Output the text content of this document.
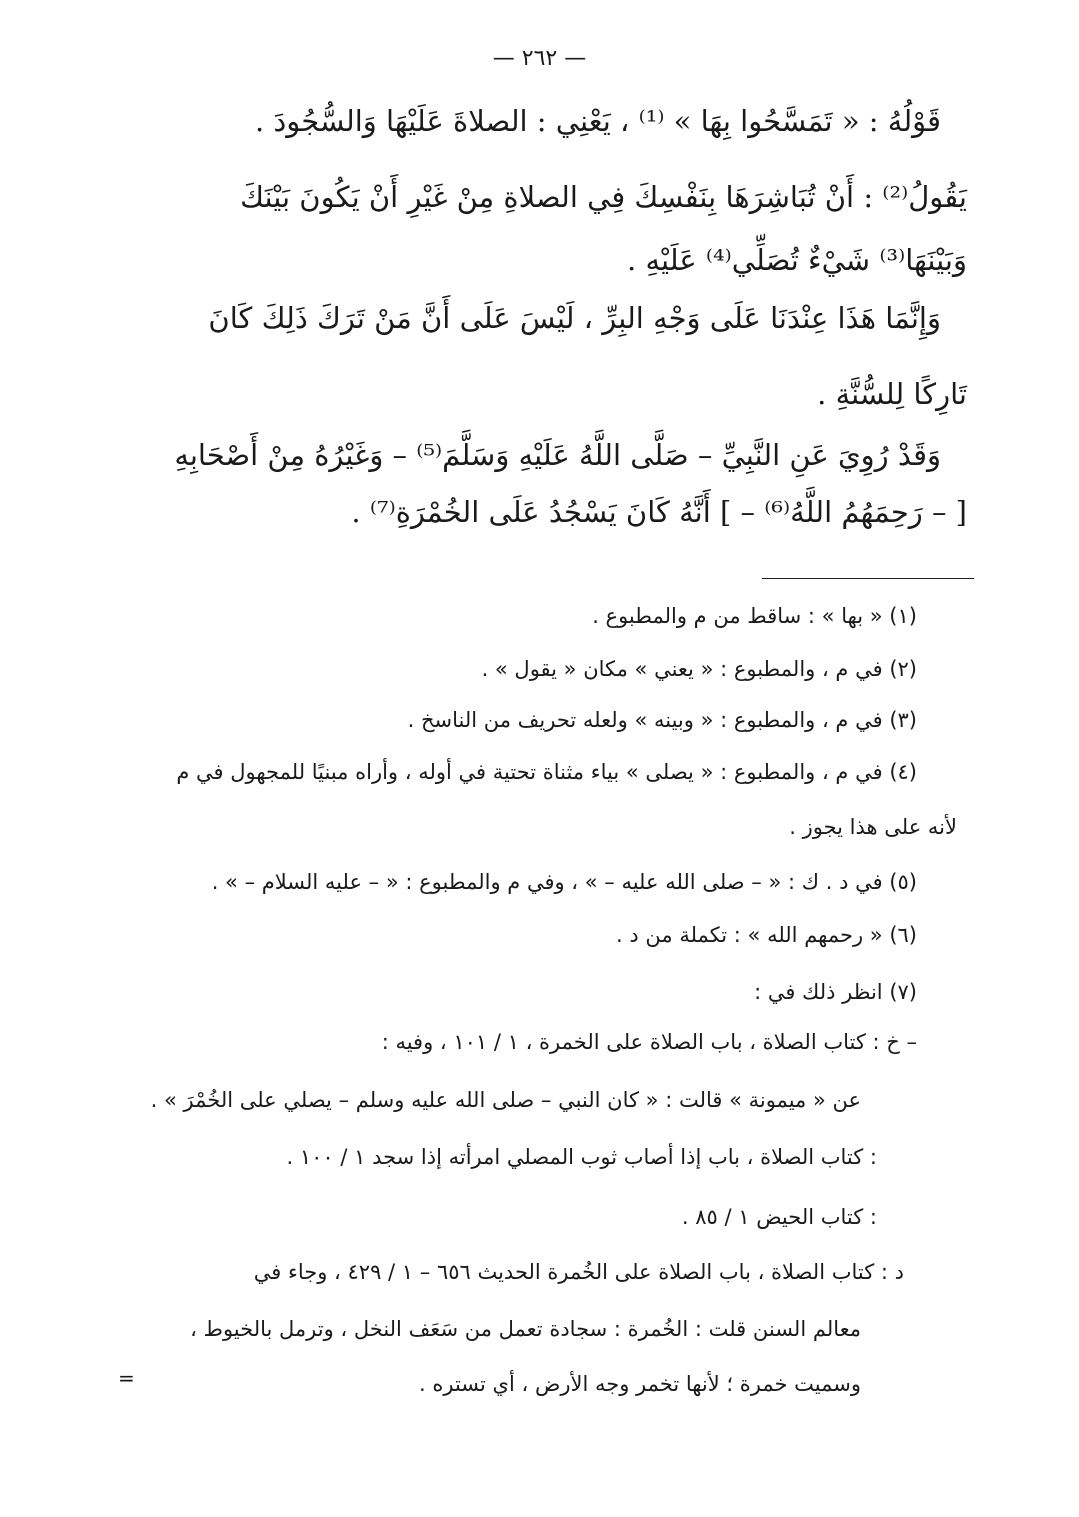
— ٢٦٢ —
قَوْلُهُ : « تَمَسَّحُوا بِهَا » ⁽¹⁾ ، يَعْنِي : الصلاةَ عَلَيْهَا وَالسُّجُودَ .
يَقُولُ⁽²⁾ : أَنْ تُبَاشِرَهَا بِنَفْسِكَ فِي الصلاةِ مِنْ غَيْرِ أَنْ يَكُونَ بَيْنَكَ
وَبَيْنَهَا⁽³⁾ شَيْءٌ تُصَلِّي⁽⁴⁾ عَلَيْهِ .
وَإِنَّمَا هَذَا عِنْدَنَا عَلَى وَجْهِ البِرِّ ، لَيْسَ عَلَى أَنَّ مَنْ تَرَكَ ذَلِكَ كَانَ
تَارِكًا لِلسُّنَّةِ .
وَقَدْ رُوِيَ عَنِ النَّبِيِّ – صَلَّى اللَّهُ عَلَيْهِ وَسَلَّمَ⁽⁵⁾ – وَغَيْرُهُ مِنْ أَصْحَابِهِ
[ – رَحِمَهُمُ اللَّهُ⁽⁶⁾ – ] أَنَّهُ كَانَ يَسْجُدُ عَلَى الخُمْرَةِ⁽⁷⁾ .
(١) « بها » : ساقط من م والمطبوع .
(٢) في م ، والمطبوع : « يعني » مكان « يقول » .
(٣) في م ، والمطبوع : « وبينه » ولعله تحريف من الناسخ .
(٤) في م ، والمطبوع : « يصلى » بياء مثناة تحتية في أوله ، وأراه مبنيًا للمجهول في م
لأنه على هذا يجوز .
(٥) في د . ك : « – صلى الله عليه – » ، وفي م والمطبوع : « – عليه السلام – » .
(٦) « رحمهم الله » : تكملة من د .
(٧) انظر ذلك في :
– خ : كتاب الصلاة ، باب الصلاة على الخمرة ، ١ / ١٠١ ، وفيه :
عن « ميمونة » قالت : « كان النبي – صلى الله عليه وسلم – يصلي على الخُمْرَ » .
: كتاب الصلاة ، باب إذا أصاب ثوب المصلي امرأته إذا سجد ١ / ١٠٠ .
: كتاب الحيض ١ / ٨٥ .
د : كتاب الصلاة ، باب الصلاة على الخُمرة الحديث ٦٥٦ – ١ / ٤٢٩ ، وجاء في
معالم السنن قلت : الخُمرة : سجادة تعمل من سَعَف النخل ، وترمل بالخيوط ،
وسميت خمرة ؛ لأنها تخمر وجه الأرض ، أي تستره .
=
